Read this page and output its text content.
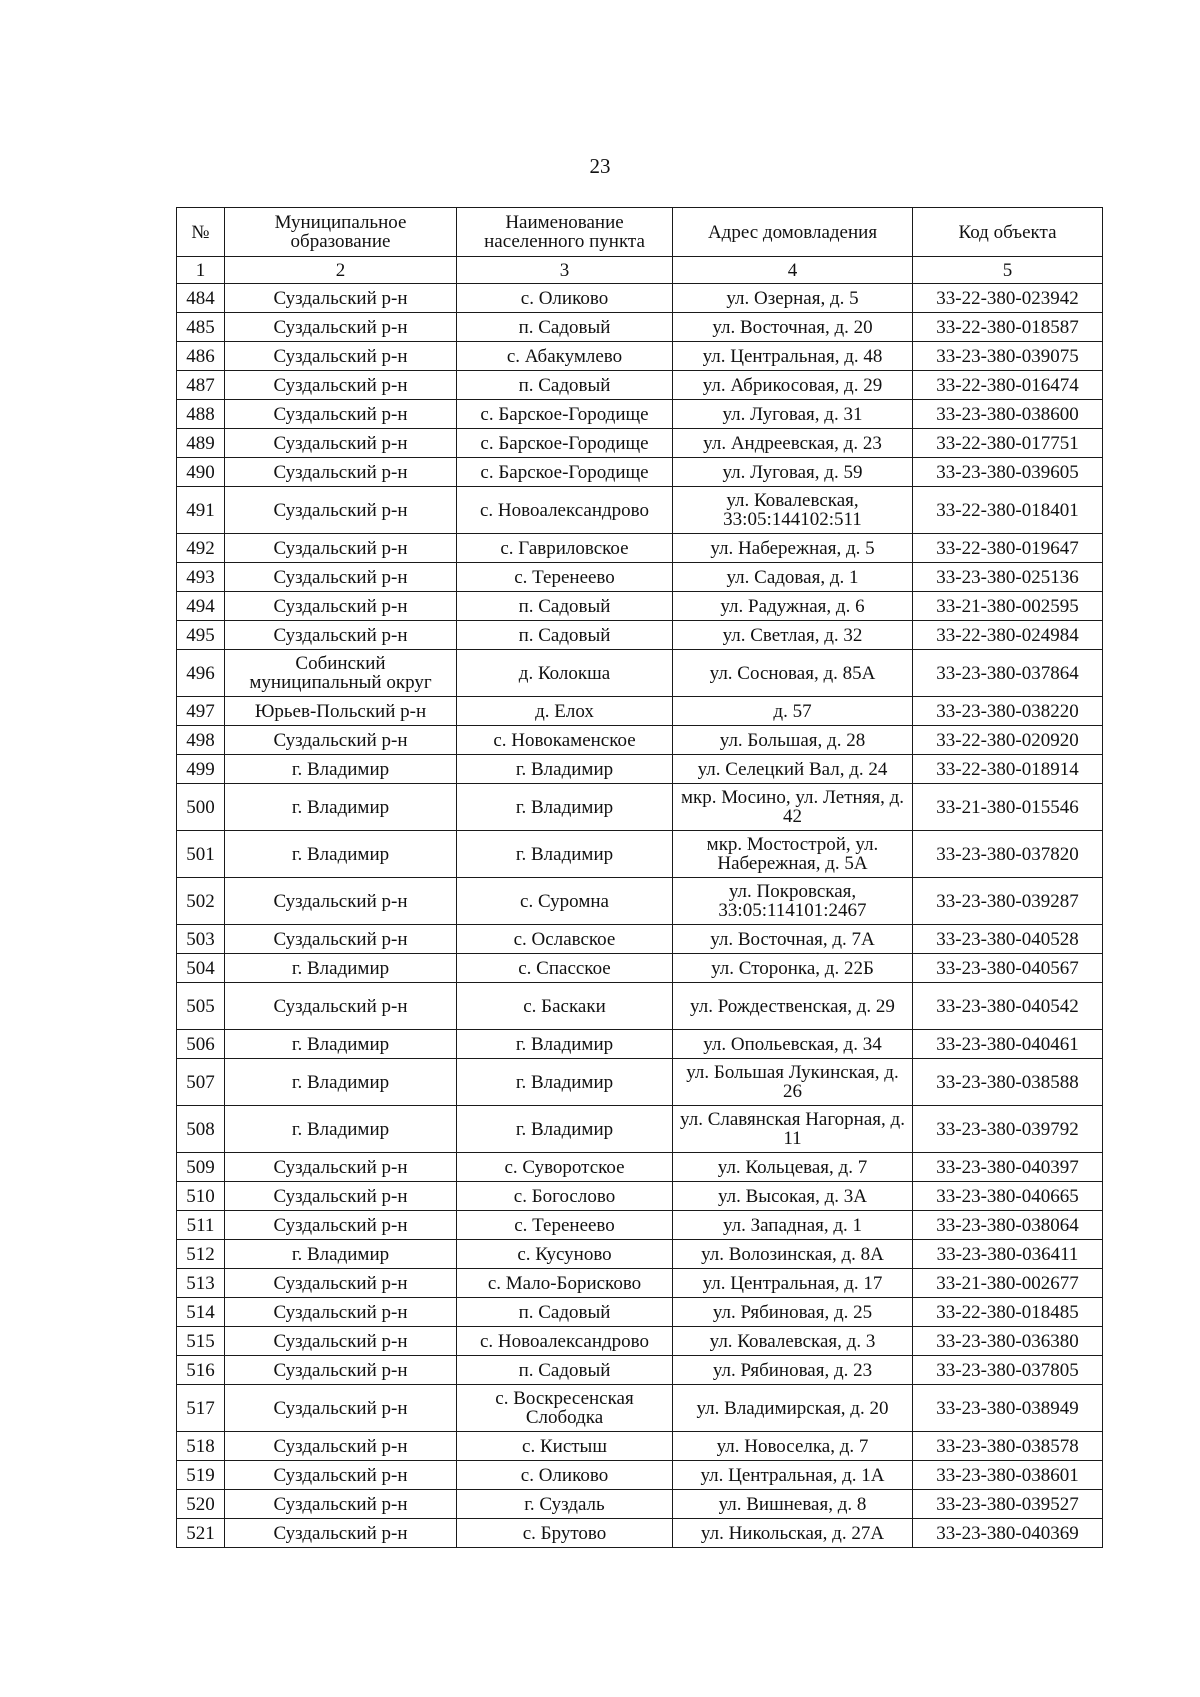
23
№	Муниципальное образование	Наименование населенного пункта	Адрес домовладения	Код объекта
1	2	3	4	5
484	Суздальский р-н	с. Оликово	ул. Озерная, д. 5	33-22-380-023942
485	Суздальский р-н	п. Садовый	ул. Восточная, д. 20	33-22-380-018587
486	Суздальский р-н	с. Абакумлево	ул. Центральная, д. 48	33-23-380-039075
487	Суздальский р-н	п. Садовый	ул. Абрикосовая, д. 29	33-22-380-016474
488	Суздальский р-н	с. Барское-Городище	ул. Луговая, д. 31	33-23-380-038600
489	Суздальский р-н	с. Барское-Городище	ул. Андреевская, д. 23	33-22-380-017751
490	Суздальский р-н	с. Барское-Городище	ул. Луговая, д. 59	33-23-380-039605
491	Суздальский р-н	с. Новоалександрово	ул. Ковалевская, 33:05:144102:511	33-22-380-018401
492	Суздальский р-н	с. Гавриловское	ул. Набережная, д. 5	33-22-380-019647
493	Суздальский р-н	с. Теренеево	ул. Садовая, д. 1	33-23-380-025136
494	Суздальский р-н	п. Садовый	ул. Радужная, д. 6	33-21-380-002595
495	Суздальский р-н	п. Садовый	ул. Светлая, д. 32	33-22-380-024984
496	Собинский муниципальный округ	д. Колокша	ул. Сосновая, д. 85А	33-23-380-037864
497	Юрьев-Польский р-н	д. Елох	д. 57	33-23-380-038220
498	Суздальский р-н	с. Новокаменское	ул. Большая, д. 28	33-22-380-020920
499	г. Владимир	г. Владимир	ул. Селецкий Вал, д. 24	33-22-380-018914
500	г. Владимир	г. Владимир	мкр. Мосино, ул. Летняя, д. 42	33-21-380-015546
501	г. Владимир	г. Владимир	мкр. Мостострой, ул. Набережная, д. 5А	33-23-380-037820
502	Суздальский р-н	с. Суромна	ул. Покровская, 33:05:114101:2467	33-23-380-039287
503	Суздальский р-н	с. Ославское	ул. Восточная, д. 7А	33-23-380-040528
504	г. Владимир	с. Спасское	ул. Сторонка, д. 22Б	33-23-380-040567
505	Суздальский р-н	с. Баскаки	ул. Рождественская, д. 29	33-23-380-040542
506	г. Владимир	г. Владимир	ул. Опольевская, д. 34	33-23-380-040461
507	г. Владимир	г. Владимир	ул. Большая Лукинская, д. 26	33-23-380-038588
508	г. Владимир	г. Владимир	ул. Славянская Нагорная, д. 11	33-23-380-039792
509	Суздальский р-н	с. Суворотское	ул. Кольцевая, д. 7	33-23-380-040397
510	Суздальский р-н	с. Богослово	ул. Высокая, д. 3А	33-23-380-040665
511	Суздальский р-н	с. Теренеево	ул. Западная, д. 1	33-23-380-038064
512	г. Владимир	с. Кусуново	ул. Волозинская, д. 8А	33-23-380-036411
513	Суздальский р-н	с. Мало-Борисково	ул. Центральная, д. 17	33-21-380-002677
514	Суздальский р-н	п. Садовый	ул. Рябиновая, д. 25	33-22-380-018485
515	Суздальский р-н	с. Новоалександрово	ул. Ковалевская, д. 3	33-23-380-036380
516	Суздальский р-н	п. Садовый	ул. Рябиновая, д. 23	33-23-380-037805
517	Суздальский р-н	с. Воскресенская Слободка	ул. Владимирская, д. 20	33-23-380-038949
518	Суздальский р-н	с. Кистыш	ул. Новоселка, д. 7	33-23-380-038578
519	Суздальский р-н	с. Оликово	ул. Центральная, д. 1А	33-23-380-038601
520	Суздальский р-н	г. Суздаль	ул. Вишневая, д. 8	33-23-380-039527
521	Суздальский р-н	с. Брутово	ул. Никольская, д. 27А	33-23-380-040369
